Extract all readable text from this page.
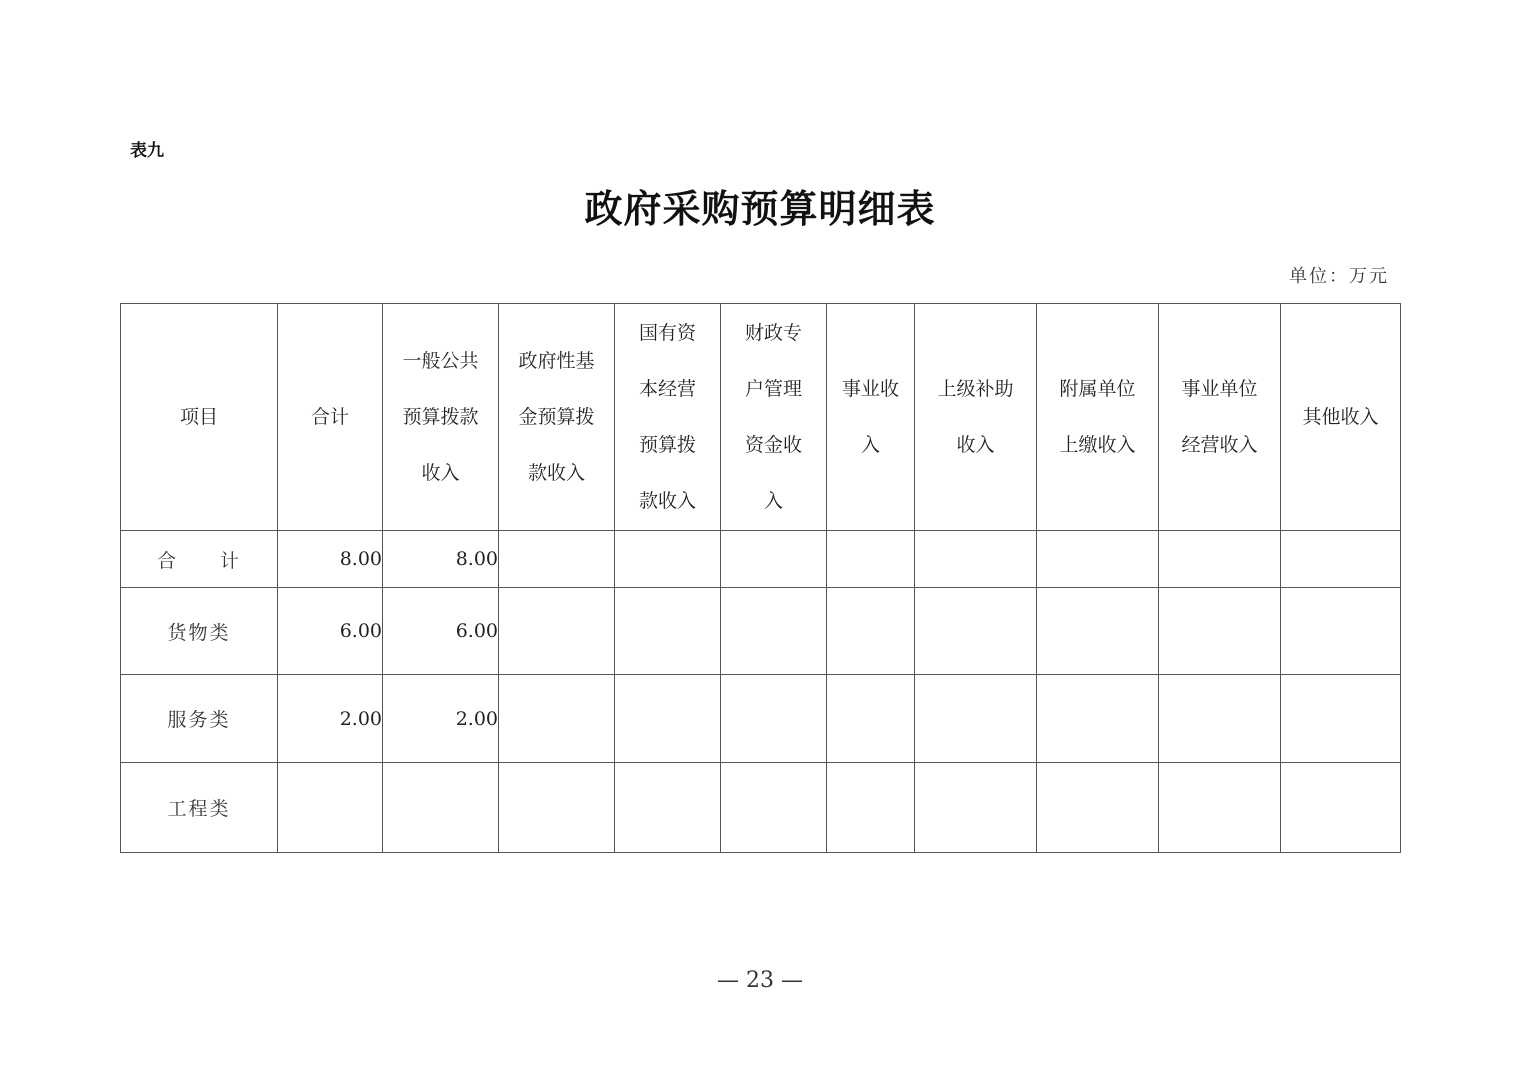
表九
政府采购预算明细表
单位：万元
项目	合计	一般公共预算拨款收入	政府性基金预算拨款收入	国有资本经营预算拨款收入	财政专户管理资金收入	事业收入	上级补助收入	附属单位上缴收入	事业单位经营收入	其他收入
合　　计	8.00	8.00								
货物类	6.00	6.00								
服务类	2.00	2.00								
工程类										
— 23 —
